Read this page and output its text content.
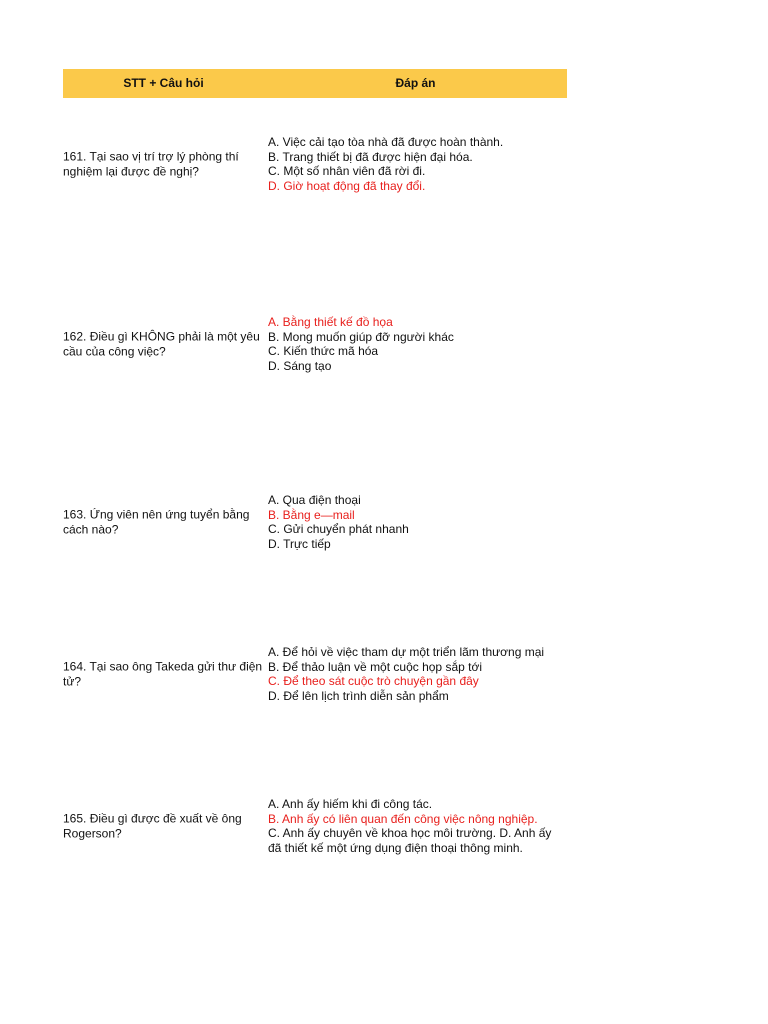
STT + Câu hỏi	Đáp án
161. Tại sao vị trí trợ lý phòng thí nghiệm lại được đề nghị?
A. Việc cải tạo tòa nhà đã được hoàn thành.
B. Trang thiết bị đã được hiện đại hóa.
C. Một số nhân viên đã rời đi.
D. Giờ hoạt động đã thay đổi.
162. Điều gì KHÔNG phải là một yêu cầu của công việc?
A. Bằng thiết kế đồ họa
B. Mong muốn giúp đỡ người khác
C. Kiến thức mã hóa
D. Sáng tạo
163. Ứng viên nên ứng tuyển bằng cách nào?
A. Qua điện thoại
B. Bằng e—mail
C. Gửi chuyển phát nhanh
D. Trực tiếp
164. Tại sao ông Takeda gửi thư điện tử?
A. Để hỏi về việc tham dự một triển lãm thương mại
B. Để thảo luận về một cuộc họp sắp tới
C. Để theo sát cuộc trò chuyện gần đây
D. Để lên lịch trình diễn sản phẩm
165. Điều gì được đề xuất về ông Rogerson?
A. Anh ấy hiếm khi đi công tác.
B. Anh ấy có liên quan đến công việc nông nghiệp.
C. Anh ấy chuyên về khoa học môi trường. D. Anh ấy
đã thiết kế một ứng dụng điện thoại thông minh.
